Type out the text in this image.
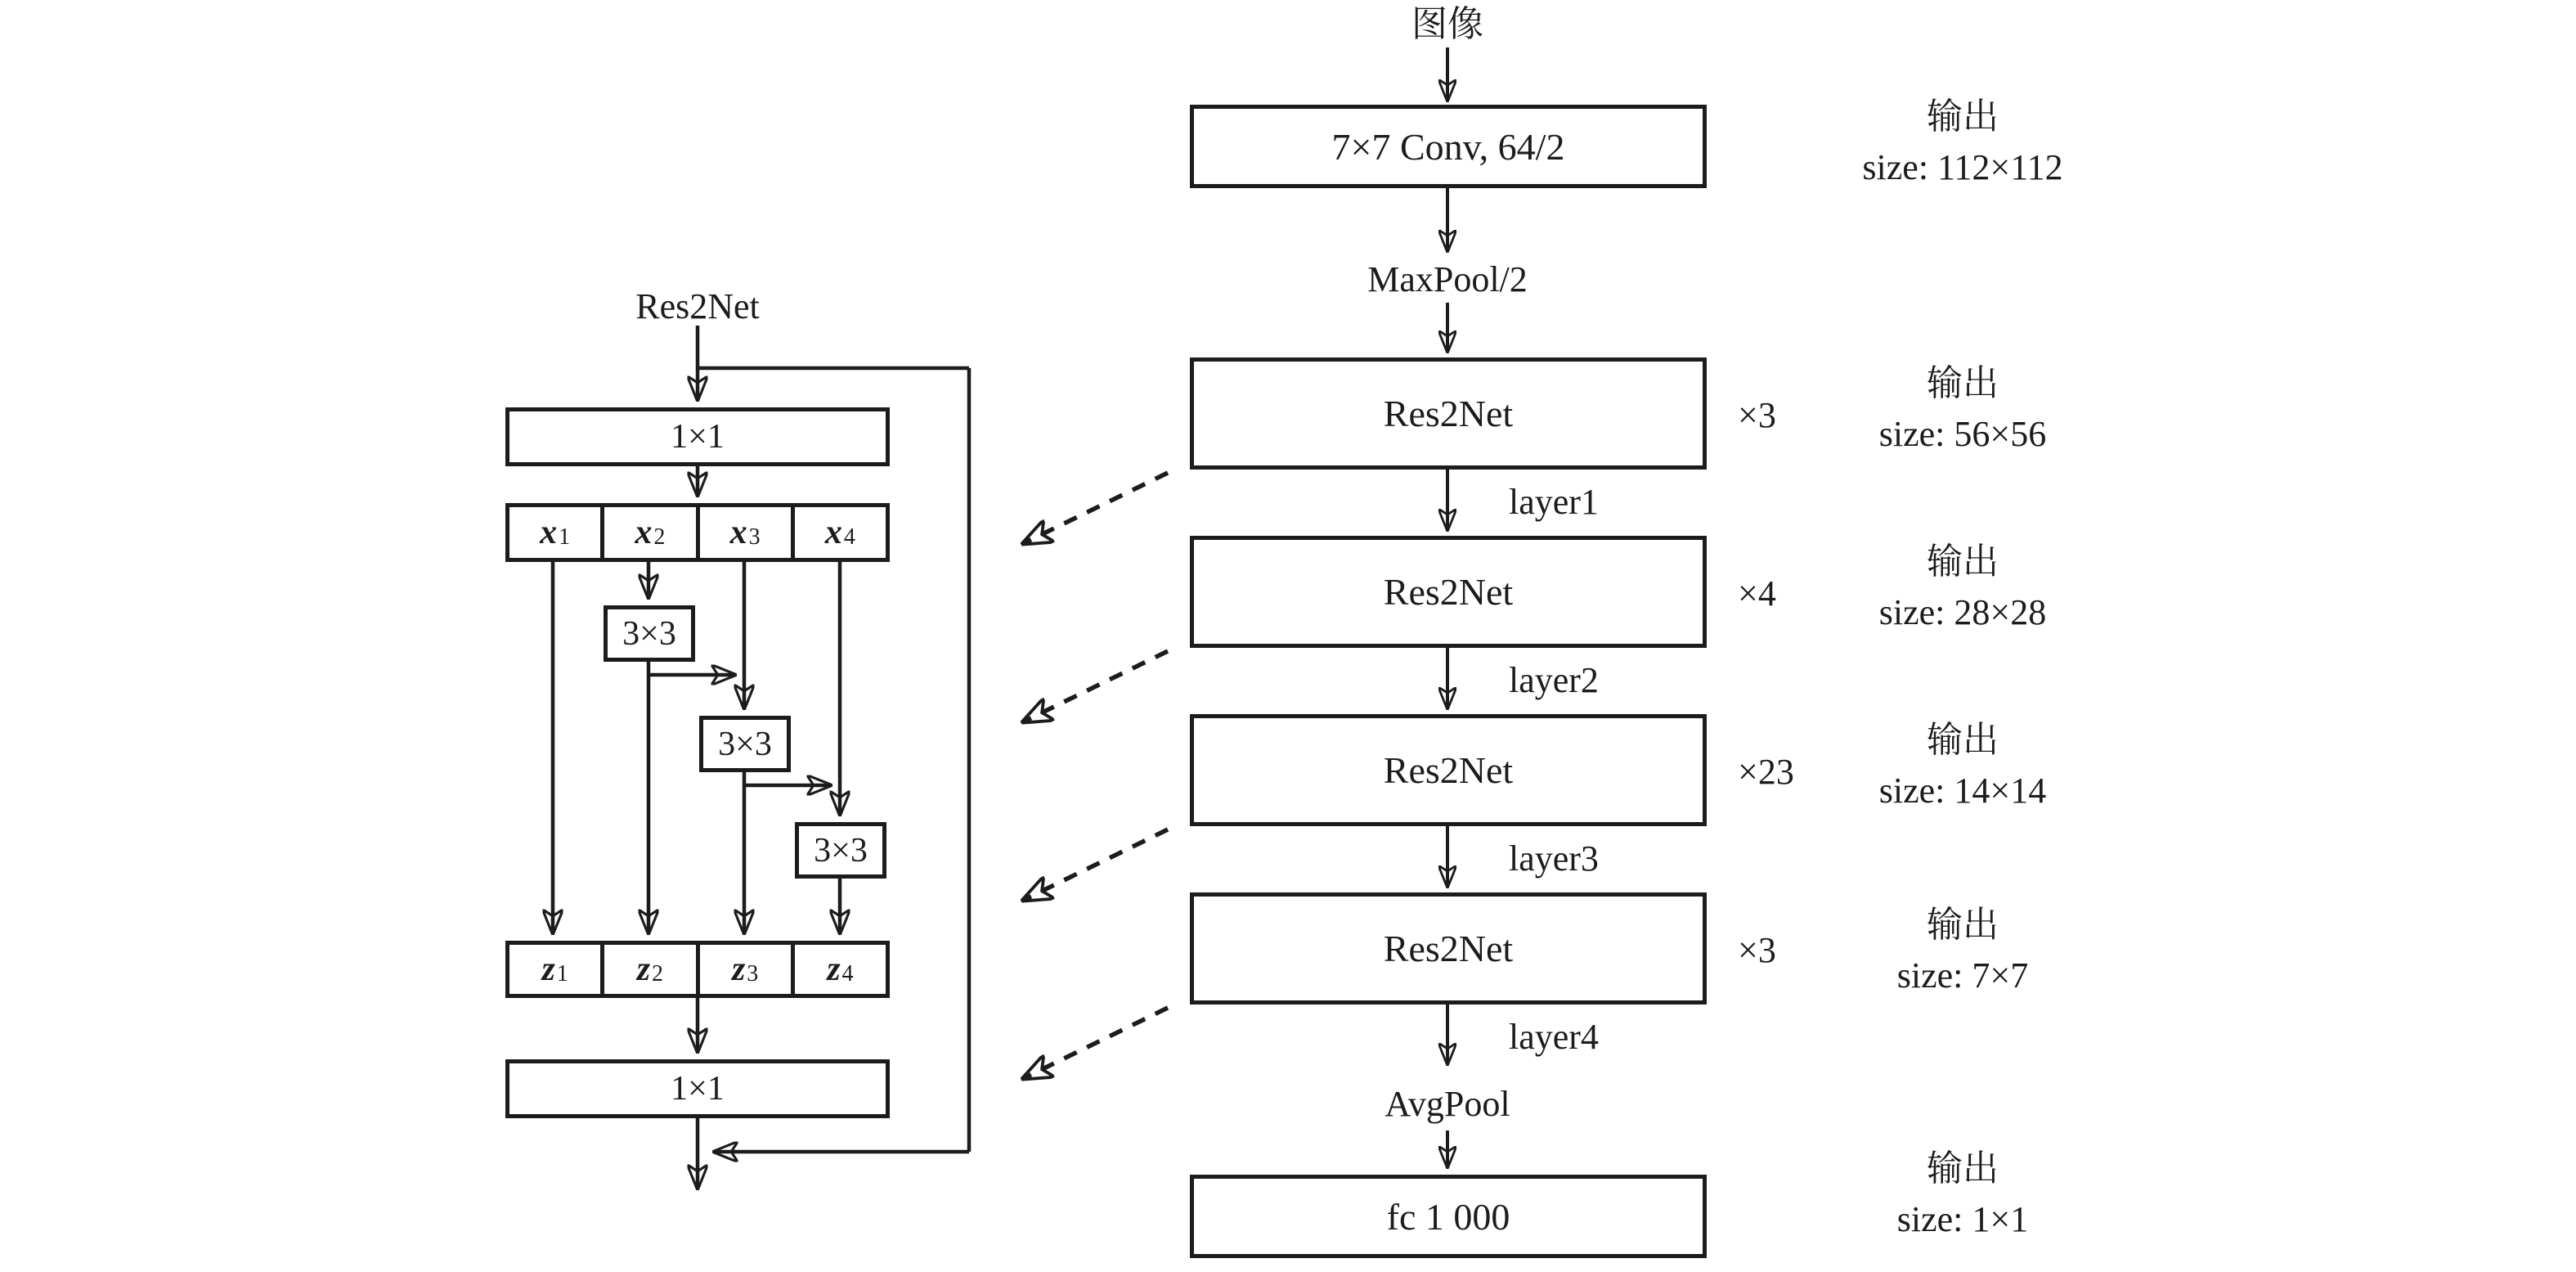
Res2Net
1×1
x 1 x 2 x 3 x 4
3×3
3×3
3×3
z 1 z 2 z 3 z 4
1×1
图像
7×7 Conv, 64/2
MaxPool/2
Res2Net	×3
layer1
Res2Net	×4
layer2
Res2Net	×23
layer3
Res2Net	×3
layer4
AvgPool
fc 1 000
输出
size: 112×112
输出
size: 56×56
输出
size: 28×28
输出
size: 14×14
输出
size: 7×7
输出
size: 1×1
